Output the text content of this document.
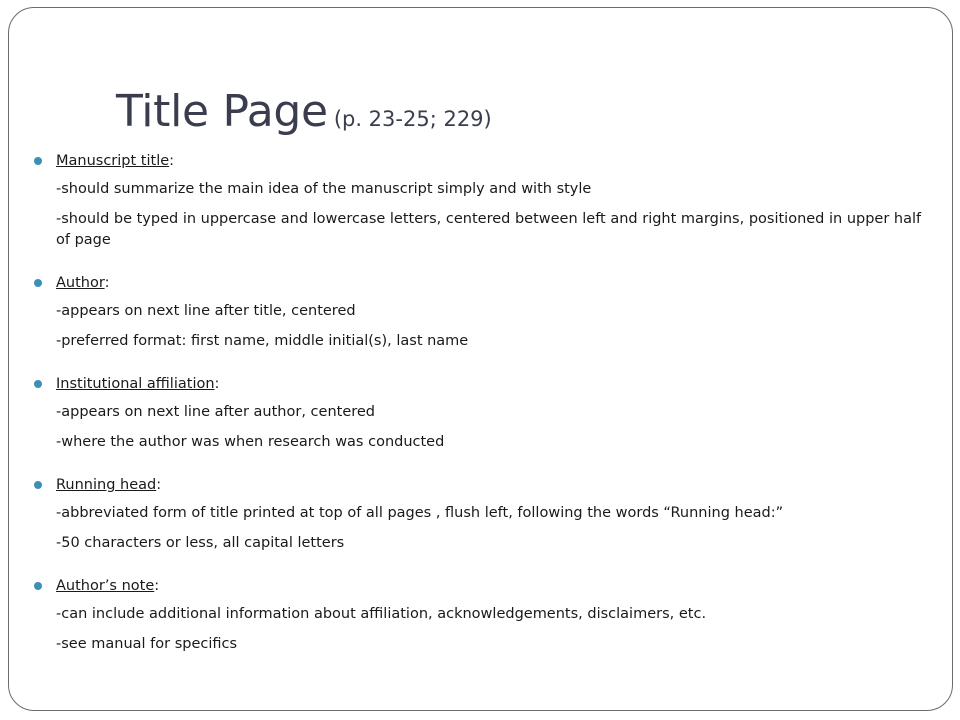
Title Page (p. 23-25; 229)
Manuscript title:
-should summarize the main idea of the manuscript simply and with style
-should be typed in uppercase and lowercase letters, centered between left and right margins, positioned in upper half of page
Author:
-appears on next line after title, centered
-preferred format: first name, middle initial(s), last name
Institutional affiliation:
-appears on next line after author, centered
-where the author was when research was conducted
Running head:
-abbreviated form of title printed at top of all pages , flush left, following the words “Running head:”
-50 characters or less, all capital letters
Author’s note:
-can include additional information about affiliation, acknowledgements, disclaimers, etc.
-see manual for specifics
